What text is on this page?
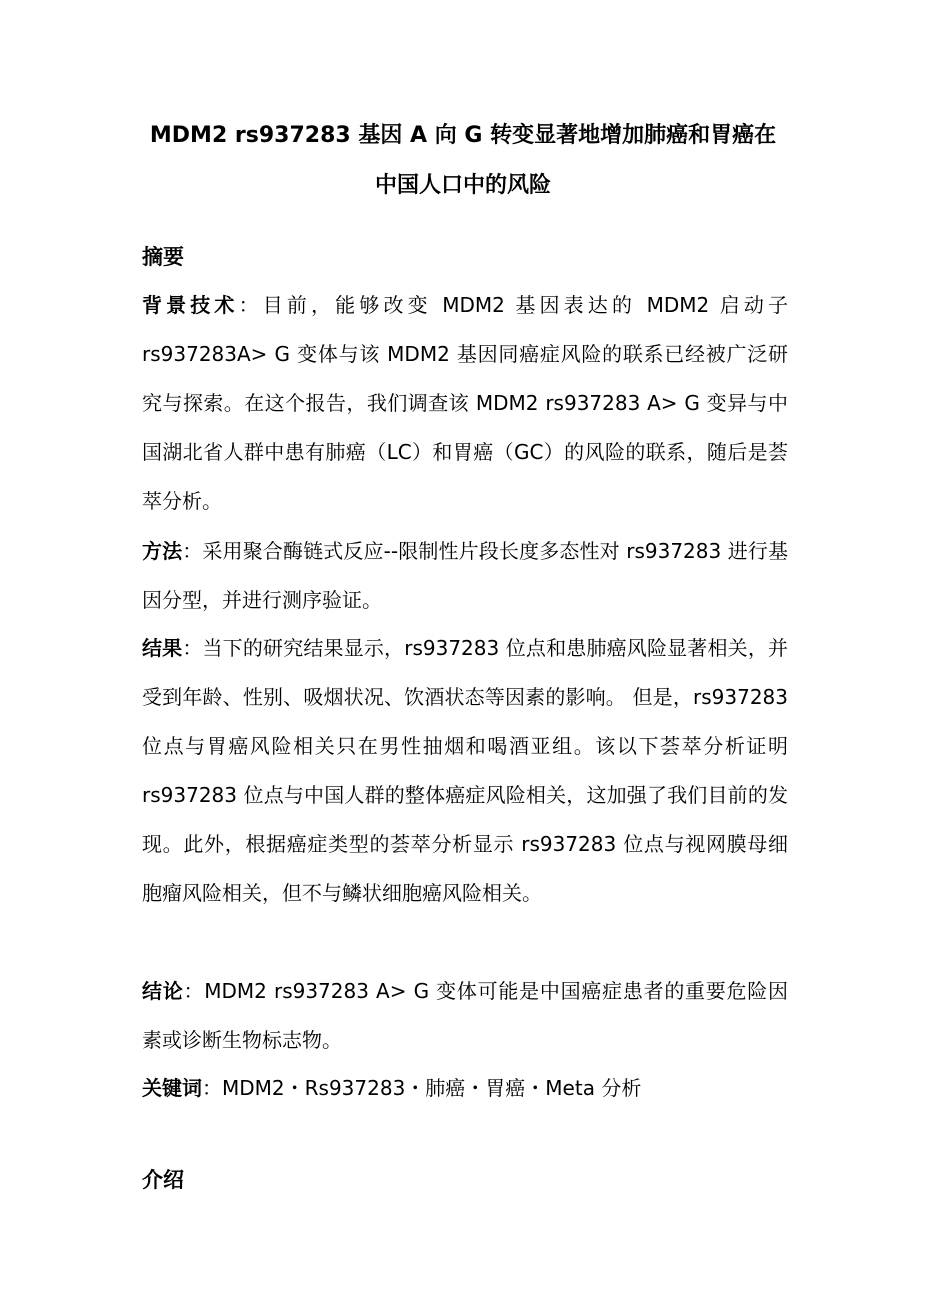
MDM2 rs937283 基因 A 向 G 转变显著地增加肺癌和胃癌在
中国人口中的风险
摘要

背景技术：目前，能够改变 MDM2 基因表达的 MDM2 启动子 rs937283A> G 变体与该 MDM2 基因同癌症风险的联系已经被广泛研究与探索。在这个报告，我们调查该 MDM2 rs937283 A> G 变异与中国湖北省人群中患有肺癌（LC）和胃癌（GC）的风险的联系，随后是荟萃分析。

方法：采用聚合酶链式反应--限制性片段长度多态性对 rs937283 进行基因分型，并进行测序验证。

结果：当下的研究结果显示，rs937283 位点和患肺癌风险显著相关，并受到年龄、性别、吸烟状况、饮酒状态等因素的影响。 但是，rs937283 位点与胃癌风险相关只在男性抽烟和喝酒亚组。该以下荟萃分析证明 rs937283 位点与中国人群的整体癌症风险相关，这加强了我们目前的发现。此外，根据癌症类型的荟萃分析显示 rs937283 位点与视网膜母细胞瘤风险相关，但不与鳞状细胞癌风险相关。

结论：MDM2 rs937283 A> G 变体可能是中国癌症患者的重要危险因素或诊断生物标志物。

关键词：MDM2・Rs937283・肺癌・胃癌・Meta 分析

介绍
